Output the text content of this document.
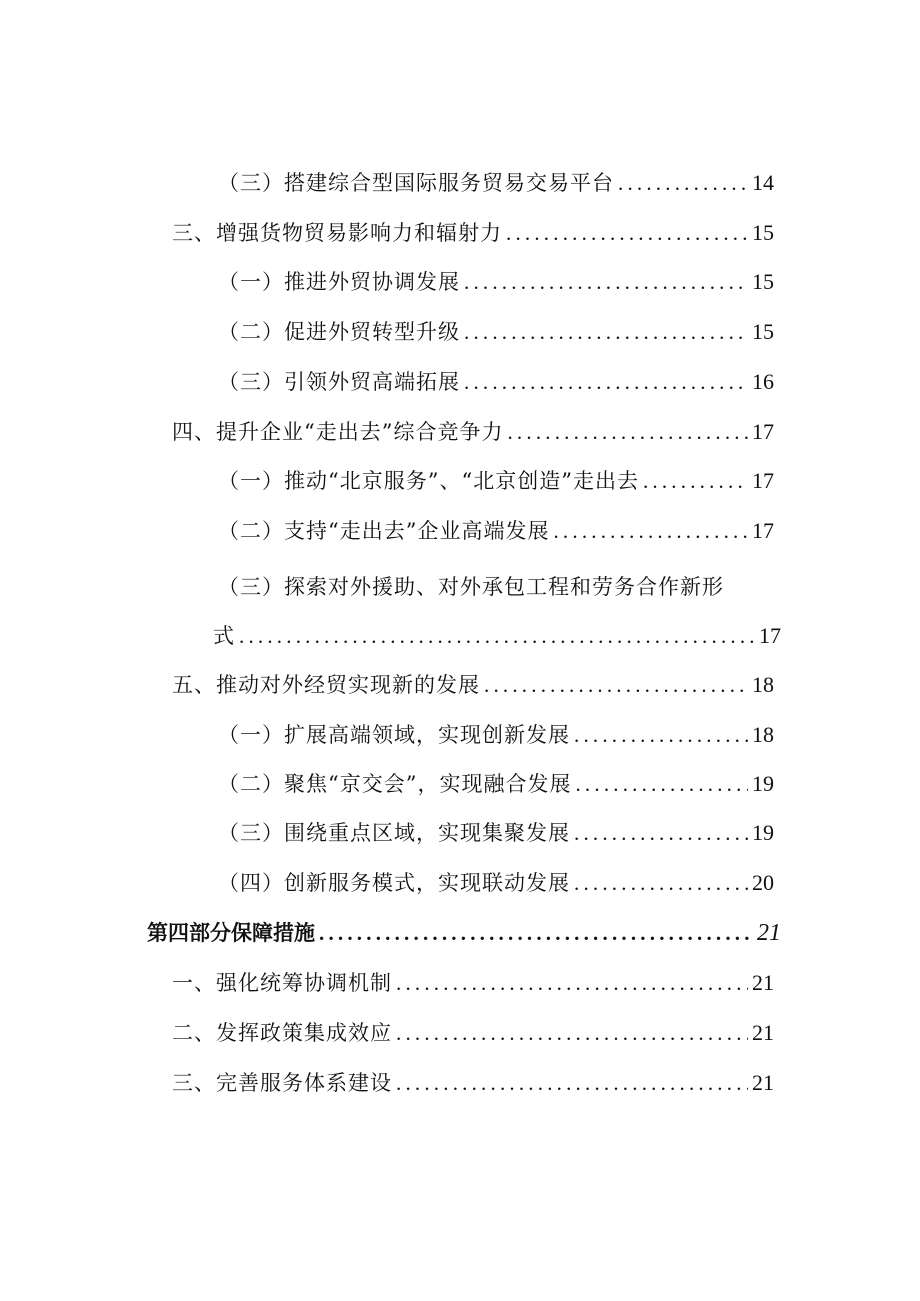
（三）搭建综合型国际服务贸易交易平台 .....	14
三、增强货物贸易影响力和辐射力 .....	15
（一）推进外贸协调发展 .....	15
（二）促进外贸转型升级 .....	15
（三）引领外贸高端拓展 .....	16
四、提升企业“走出去”综合竞争力 .....	17
（一）推动“北京服务”、“北京创造”走出去 .....	17
（二）支持“走出去”企业高端发展 .....	17
（三）探索对外援助、对外承包工程和劳务合作新形
式 .....	17
五、推动对外经贸实现新的发展 .....	18
（一）扩展高端领域，实现创新发展 .....	18
（二）聚焦“京交会”，实现融合发展 .....	19
（三）围绕重点区域，实现集聚发展 .....	19
（四）创新服务模式，实现联动发展 .....	20
第四部分保障措施 .....	21
一、强化统筹协调机制 .....	21
二、发挥政策集成效应 .....	21
三、完善服务体系建设 .....	21
